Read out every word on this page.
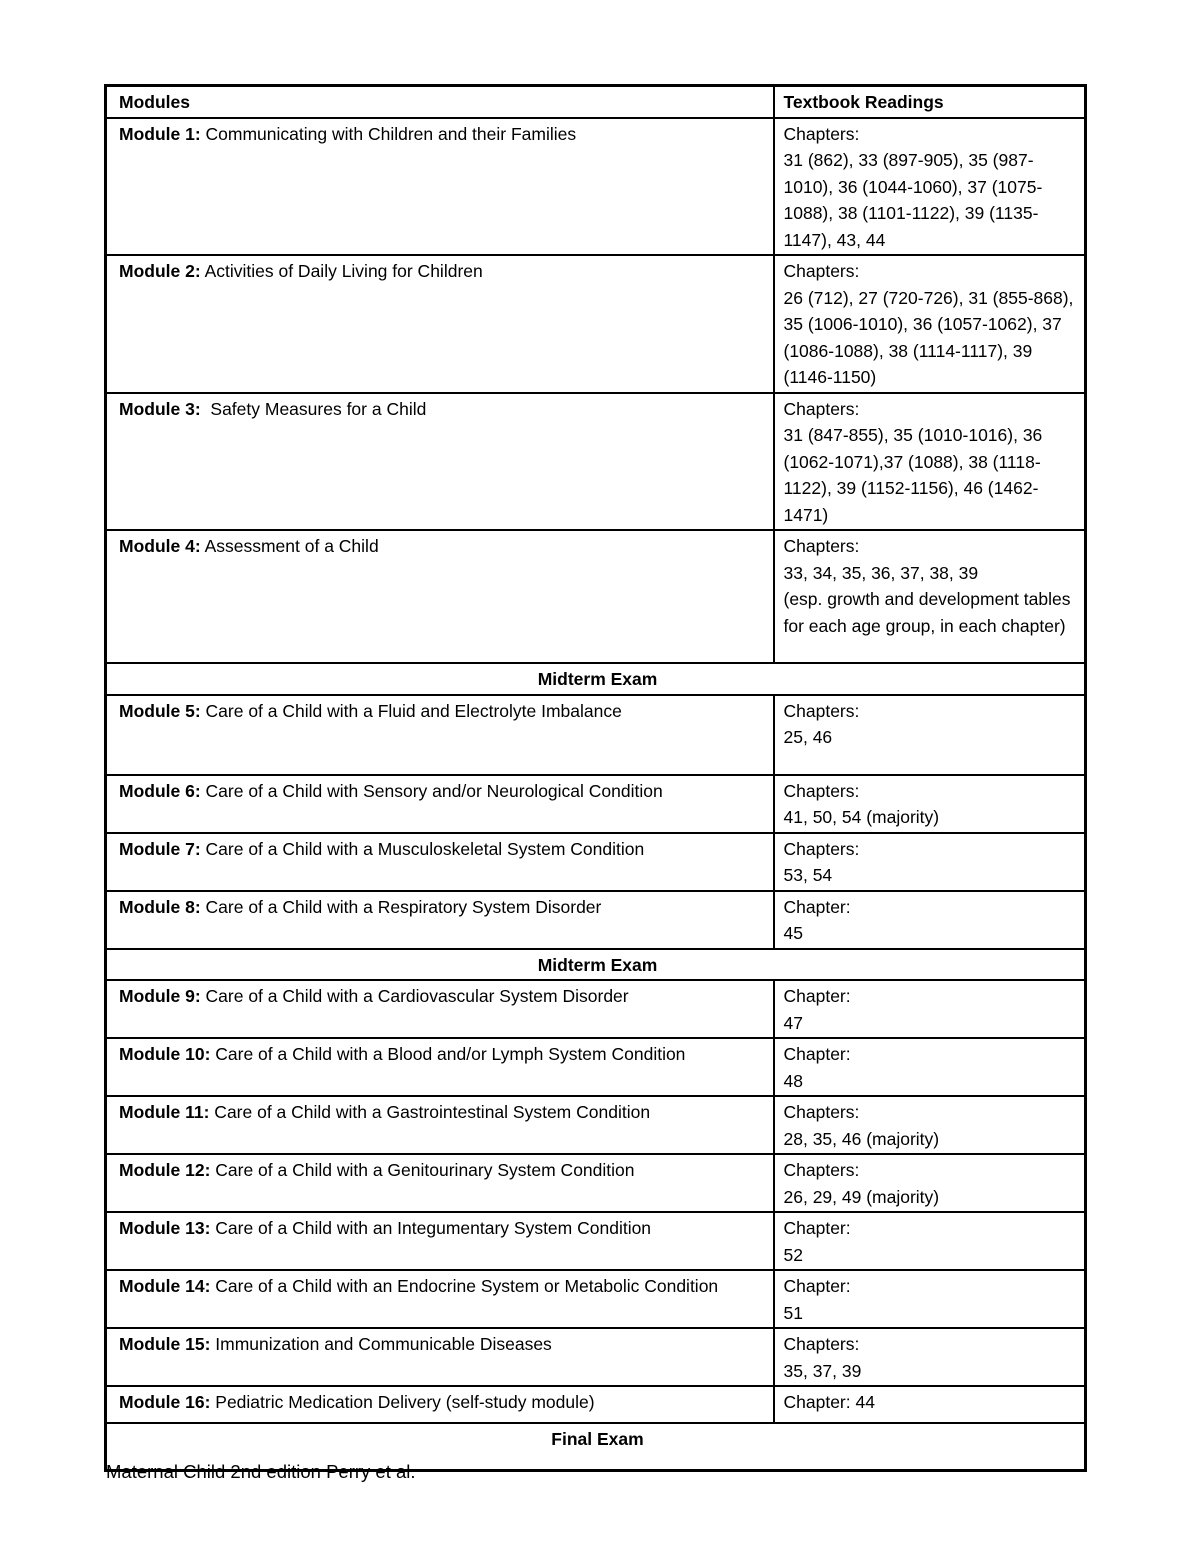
Modules	Textbook Readings
Module 1: Communicating with Children and their Families	Chapters:
31 (862), 33 (897-905), 35 (987-1010), 36 (1044-1060), 37 (1075-1088), 38 (1101-1122), 39 (1135-1147), 43, 44

Module 2: Activities of Daily Living for Children	Chapters:
26 (712), 27 (720-726), 31 (855-868), 35 (1006-1010), 36 (1057-1062), 37 (1086-1088), 38 (1114-1117), 39 (1146-1150)

Module 3:  Safety Measures for a Child	Chapters:
31 (847-855), 35 (1010-1016), 36 (1062-1071),37 (1088), 38 (1118-1122), 39 (1152-1156), 46 (1462-1471)

Module 4: Assessment of a Child	Chapters:
33, 34, 35, 36, 37, 38, 39
(esp. growth and development tables for each age group, in each chapter)

Midterm Exam	
Module 5: Care of a Child with a Fluid and Electrolyte Imbalance	Chapters:
25, 46

Module 6: Care of a Child with Sensory and/or Neurological Condition	Chapters:
41, 50, 54 (majority)

Module 7: Care of a Child with a Musculoskeletal System Condition	Chapters:
53, 54

Module 8: Care of a Child with a Respiratory System Disorder	Chapter:
45

Midterm Exam	
Module 9: Care of a Child with a Cardiovascular System Disorder	Chapter:
47

Module 10: Care of a Child with a Blood and/or Lymph System Condition	Chapter:
48

Module 11: Care of a Child with a Gastrointestinal System Condition	Chapters:
28, 35, 46 (majority)

Module 12: Care of a Child with a Genitourinary System Condition	Chapters:
26, 29, 49 (majority)

Module 13: Care of a Child with an Integumentary System Condition	Chapter:
52

Module 14: Care of a Child with an Endocrine System or Metabolic Condition	Chapter:
51

Module 15: Immunization and Communicable Diseases	Chapters:
35, 37, 39

Module 16: Pediatric Medication Delivery (self-study module)	Chapter: 44

Final Exam	
Maternal Child 2nd edition Perry et al.
